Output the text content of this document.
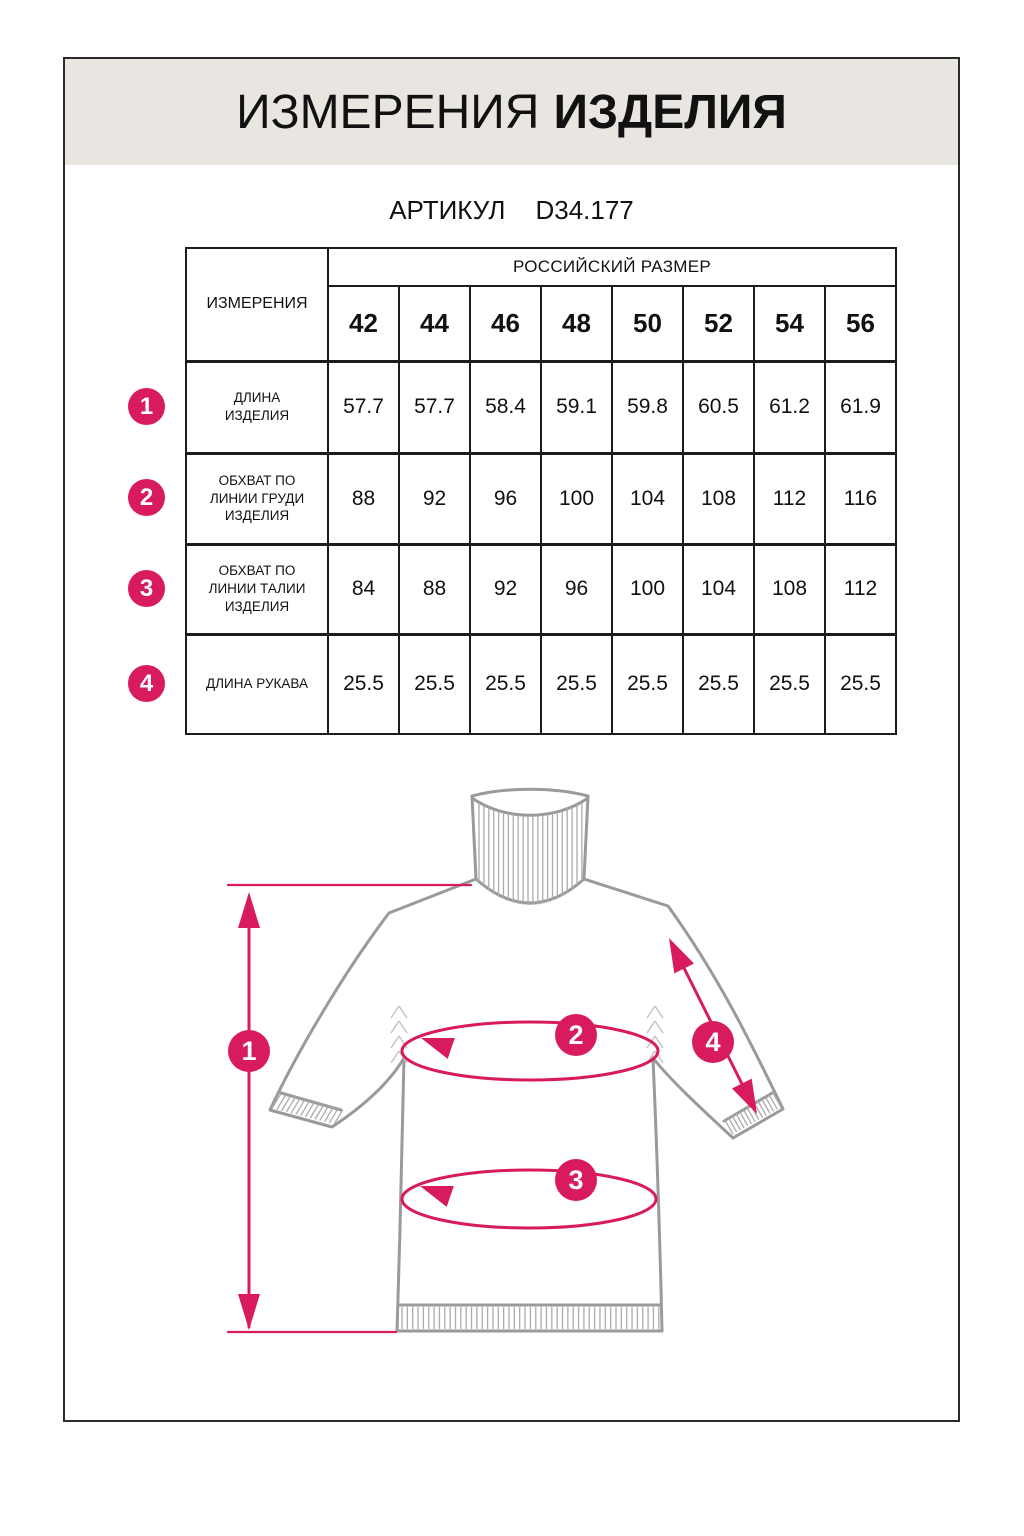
ИЗМЕРЕНИЯ ИЗДЕЛИЯ
АРТИКУЛ D34.177
ИЗМЕРЕНИЯ	РОССИЙСКИЙ РАЗМЕР							
	42	44	46	48	50	52	54	56
ДЛИНА ИЗДЕЛИЯ	57.7	57.7	58.4	59.1	59.8	60.5	61.2	61.9
ОБХВАТ ПО ЛИНИИ ГРУДИ ИЗДЕЛИЯ	88	92	96	100	104	108	112	116
ОБХВАТ ПО ЛИНИИ ТАЛИИ ИЗДЕЛИЯ	84	88	92	96	100	104	108	112
ДЛИНА РУКАВА	25.5	25.5	25.5	25.5	25.5	25.5	25.5	25.5
1
2
3
4
1
2
3
4
